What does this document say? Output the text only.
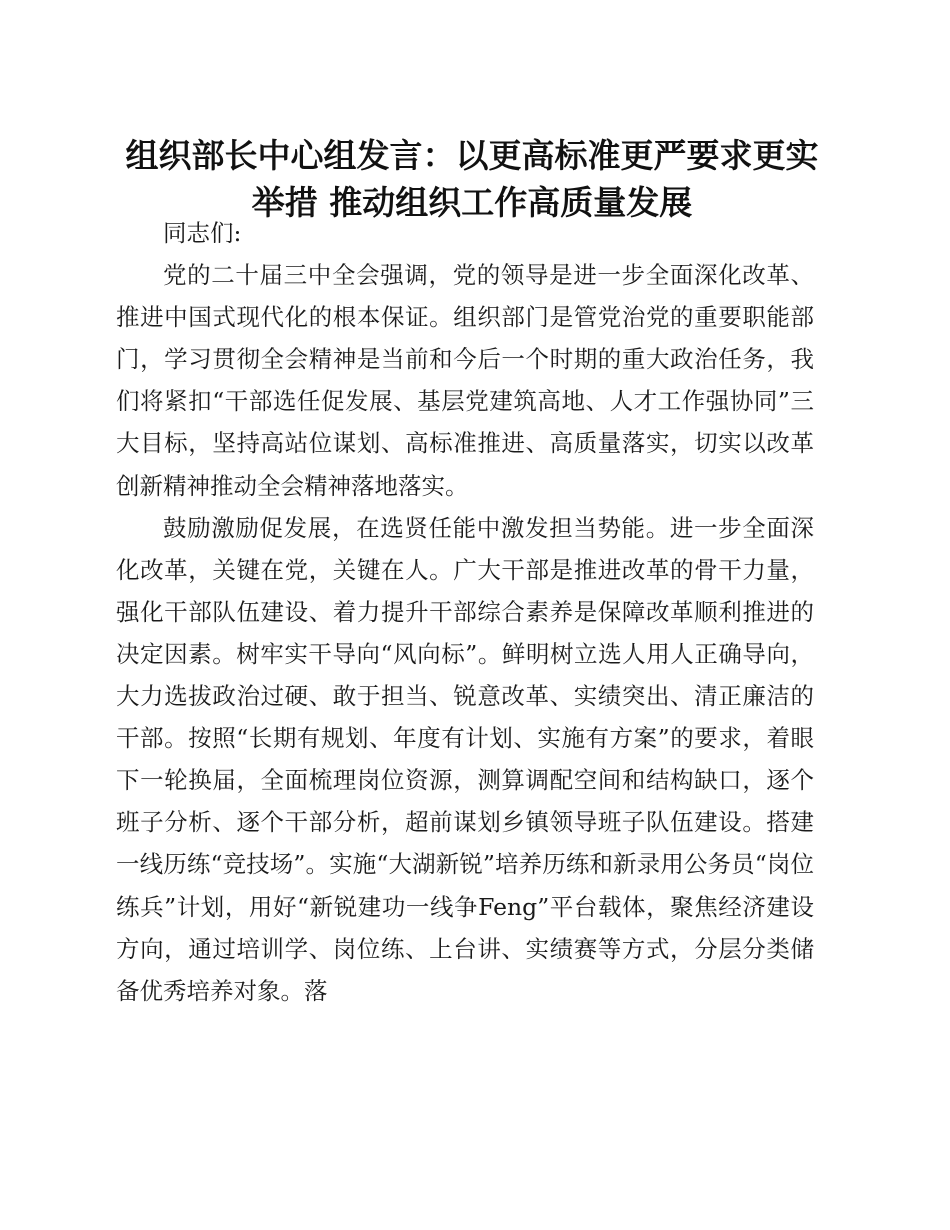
组织部长中心组发言：以更高标准更严要求更实举措 推动组织工作高质量发展

同志们:

党的二十届三中全会强调，党的领导是进一步全面深化改革、推进中国式现代化的根本保证。组织部门是管党治党的重要职能部门，学习贯彻全会精神是当前和今后一个时期的重大政治任务，我们将紧扣“干部选任促发展、基层党建筑高地、人才工作强协同”三大目标，坚持高站位谋划、高标准推进、高质量落实，切实以改革创新精神推动全会精神落地落实。

鼓励激励促发展，在选贤任能中激发担当势能。进一步全面深化改革，关键在党，关键在人。广大干部是推进改革的骨干力量，强化干部队伍建设、着力提升干部综合素养是保障改革顺利推进的决定因素。树牢实干导向“风向标”。鲜明树立选人用人正确导向，大力选拔政治过硬、敢于担当、锐意改革、实绩突出、清正廉洁的干部。按照“长期有规划、年度有计划、实施有方案”的要求，着眼下一轮换届，全面梳理岗位资源，测算调配空间和结构缺口，逐个班子分析、逐个干部分析，超前谋划乡镇领导班子队伍建设。搭建一线历练“竞技场”。实施“大湖新锐”培养历练和新录用公务员“岗位练兵”计划，用好“新锐建功一线争Feng”平台载体，聚焦经济建设方向，通过培训学、岗位练、上台讲、实绩赛等方式，分层分类储备优秀培养对象。落
